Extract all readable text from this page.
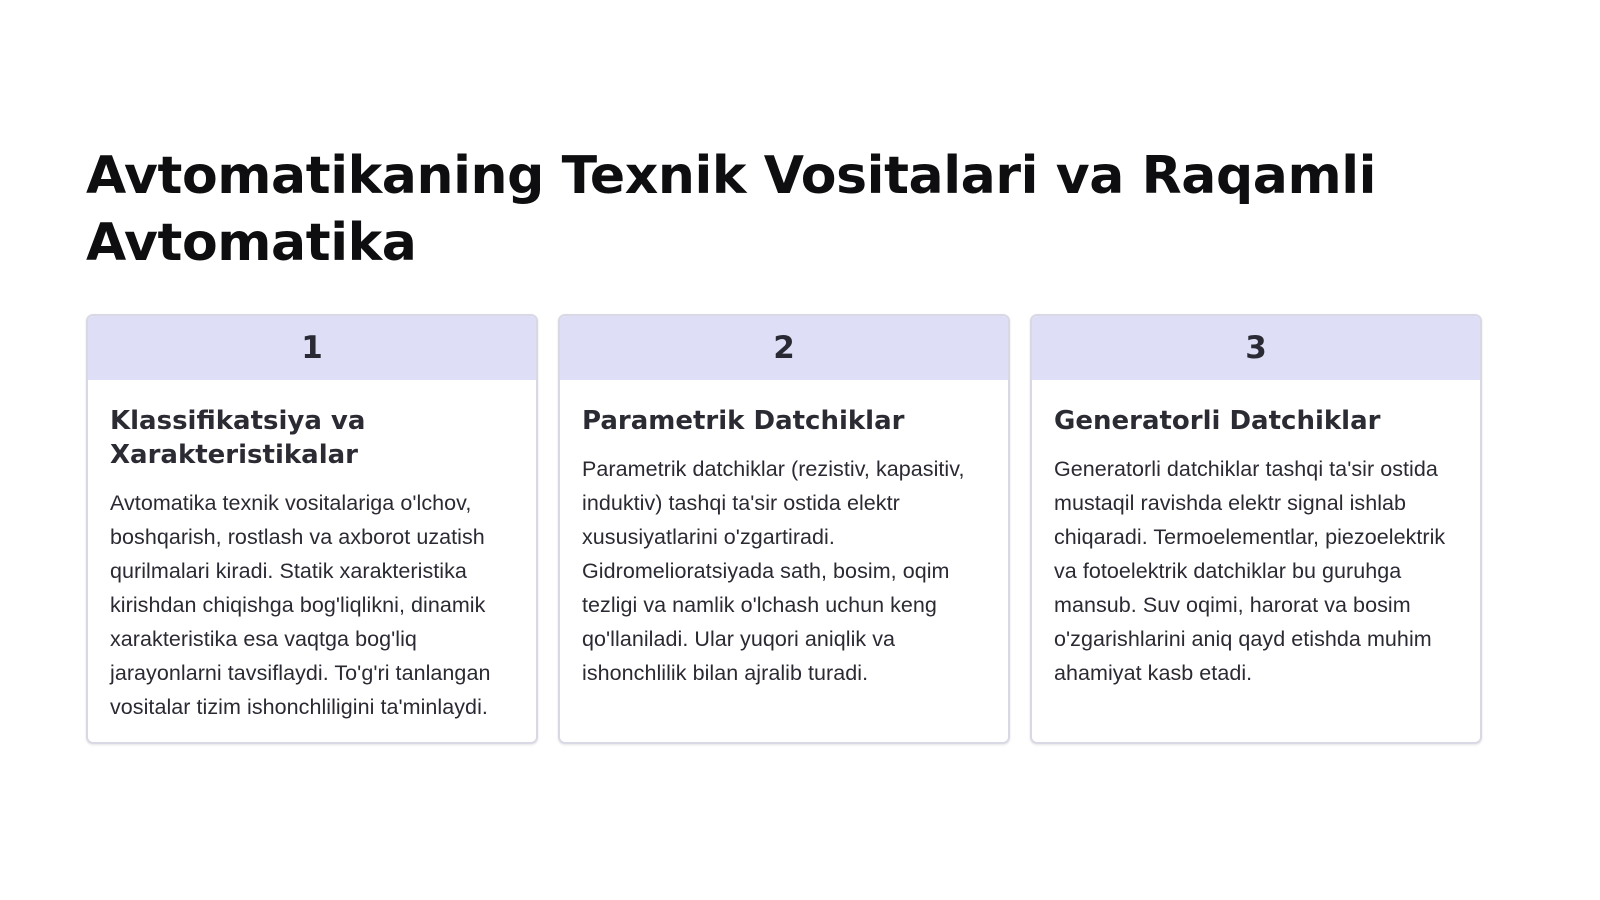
Avtomatikaning Texnik Vositalari va Raqamli Avtomatika
1
Klassifikatsiya va Xarakteristikalar

Avtomatika texnik vositalariga o'lchov, boshqarish, rostlash va axborot uzatish qurilmalari kiradi. Statik xarakteristika kirishdan chiqishga bog'liqlikni, dinamik xarakteristika esa vaqtga bog'liq jarayonlarni tavsiflaydi. To'g'ri tanlangan vositalar tizim ishonchliligini ta'minlaydi.

2
Parametrik Datchiklar

Parametrik datchiklar (rezistiv, kapasitiv, induktiv) tashqi ta'sir ostida elektr xususiyatlarini o'zgartiradi. Gidromelioratsiyada sath, bosim, oqim tezligi va namlik o'lchash uchun keng qo'llaniladi. Ular yuqori aniqlik va ishonchlilik bilan ajralib turadi.

3
Generatorli Datchiklar

Generatorli datchiklar tashqi ta'sir ostida mustaqil ravishda elektr signal ishlab chiqaradi. Termoelementlar, piezoelektrik va fotoelektrik datchiklar bu guruhga mansub. Suv oqimi, harorat va bosim o'zgarishlarini aniq qayd etishda muhim ahamiyat kasb etadi.
